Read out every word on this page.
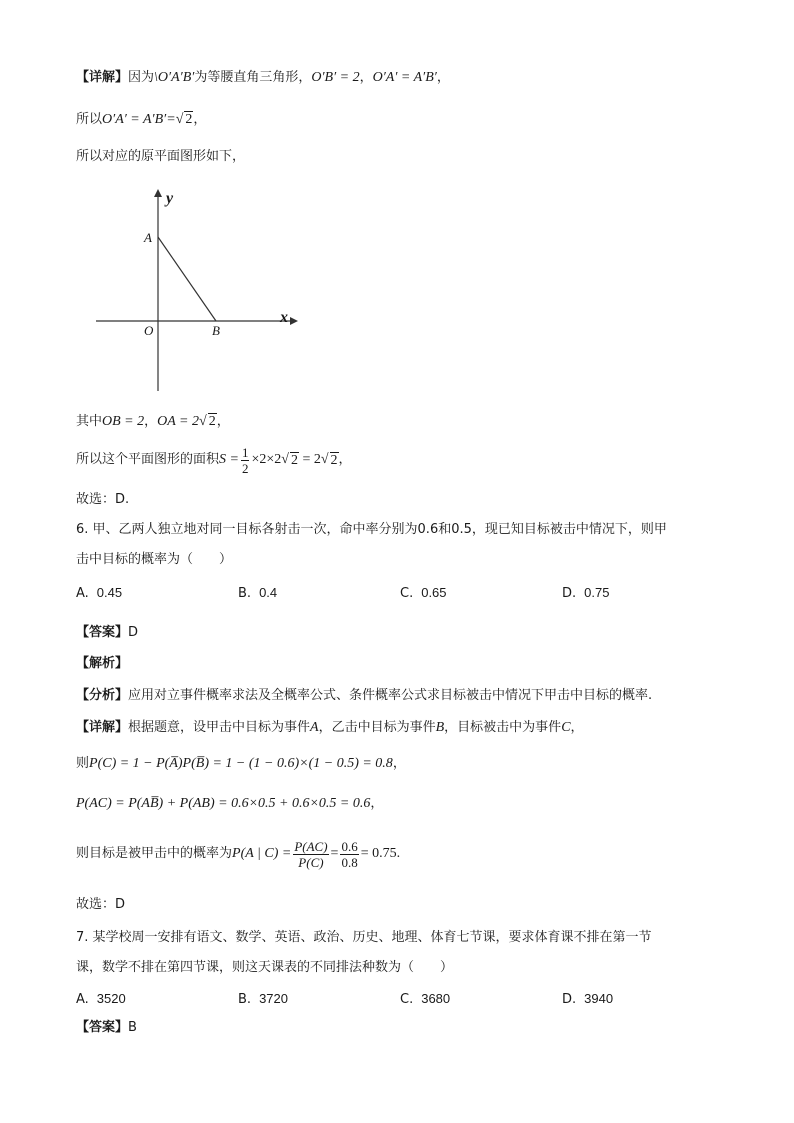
【详解】因为\O′A′B′为等腰直角三角形，O′B′ = 2，O′A′ = A′B′，
所以O′A′ = A′B′=√ 2，
所以对应的原平面图形如下，
y
x
O
A
B
其中OB = 2，OA = 2√ 2，
所以这个平面图形的面积$S = \frac{1}{2} \times 2\times 2√$ 2 = 2√ 2，
故选：D.
6. 甲、乙两人独立地对同一目标各射击一次，命中率分别为0.6和0.5，现已知目标被击中情况下，则甲
击中目标的概率为（　　）
A. 0.45	B. 0.4	C. 0.65	D. 0.75
【答案】D
【解析】
【分析】应用对立事件概率求法及全概率公式、条件概率公式求目标被击中情况下甲击中目标的概率.
【详解】根据题意，设甲击中目标为事件A，乙击中目标为事件B，目标被击中为事件C，
则P(C) = 1 − P(A̅)P(B̅) = 1 − (1 − 0.6)×(1 − 0.5) = 0.8，
P(AC) = P(AB̅) + P(AB) = 0.6×0.5 + 0.6×0.5 = 0.6，
则目标是被甲击中的概率为P(A | $C) = \frac{P(AC)}{P(C)} = \frac{0.6}{0.8} = 0.75$.
故选：D
7. 某学校周一安排有语文、数学、英语、政治、历史、地理、体育七节课，要求体育课不排在第一节
课，数学不排在第四节课，则这天课表的不同排法种数为（　　）
A. 3520	B. 3720	C. 3680	D. 3940
【答案】B
